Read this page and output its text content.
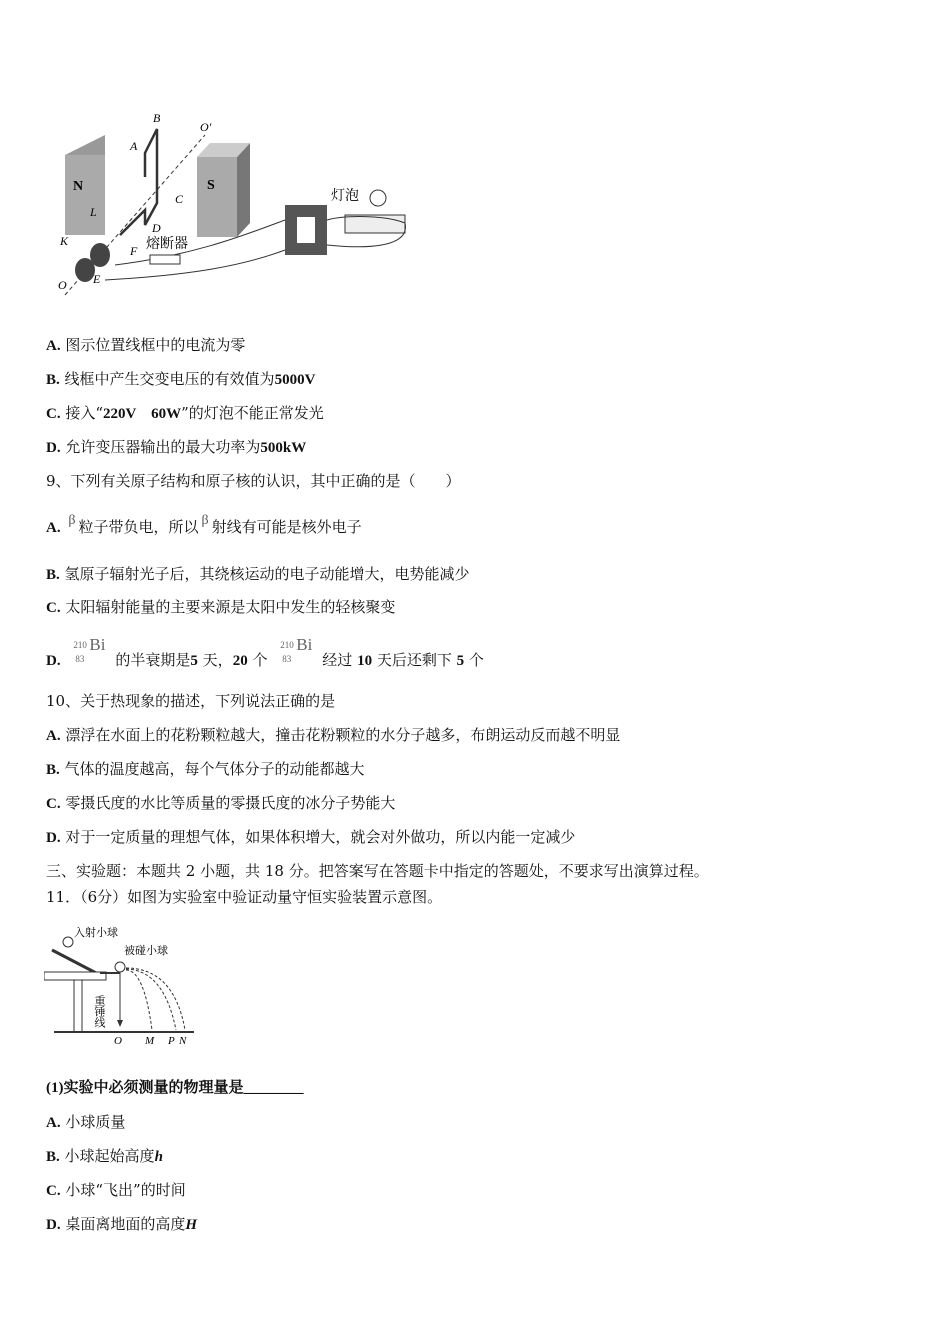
N	S
A
B
C
D
O′
L
K
F
E
O
灯泡
熔断器
A. 图示位置线框中的电流为零
B. 线框中产生交变电压的有效值为5000V
C. 接入“220V　60W”的灯泡不能正常发光
D. 允许变压器输出的最大功率为500kW
9、下列有关原子结构和原子核的认识，其中正确的是（　　）
A. β 粒子带负电，所以 β 射线有可能是核外电子
B. 氢原子辐射光子后，其绕核运动的电子动能增大，电势能减少
C. 太阳辐射能量的主要来源是太阳中发生的轻核聚变
D.
210
83
Bi
的半衰期是5 天，20 个
210
83
Bi
经过 10 天后还剩下 5 个
10、关于热现象的描述，下列说法正确的是
A. 漂浮在水面上的花粉颗粒越大，撞击花粉颗粒的水分子越多，布朗运动反而越不明显
B. 气体的温度越高，每个气体分子的动能都越大
C. 零摄氏度的水比等质量的零摄氏度的冰分子势能大
D. 对于一定质量的理想气体，如果体积增大，就会对外做功，所以内能一定减少
三、实验题：本题共 2 小题，共 18 分。把答案写在答题卡中指定的答题处，不要求写出演算过程。
11．（6分）如图为实验室中验证动量守恒实验装置示意图。
入射小球
被碰小球
重锤线
O M P N
(1)实验中必须测量的物理量是________
A. 小球质量
B. 小球起始高度h
C. 小球“飞出”的时间
D. 桌面离地面的高度H
